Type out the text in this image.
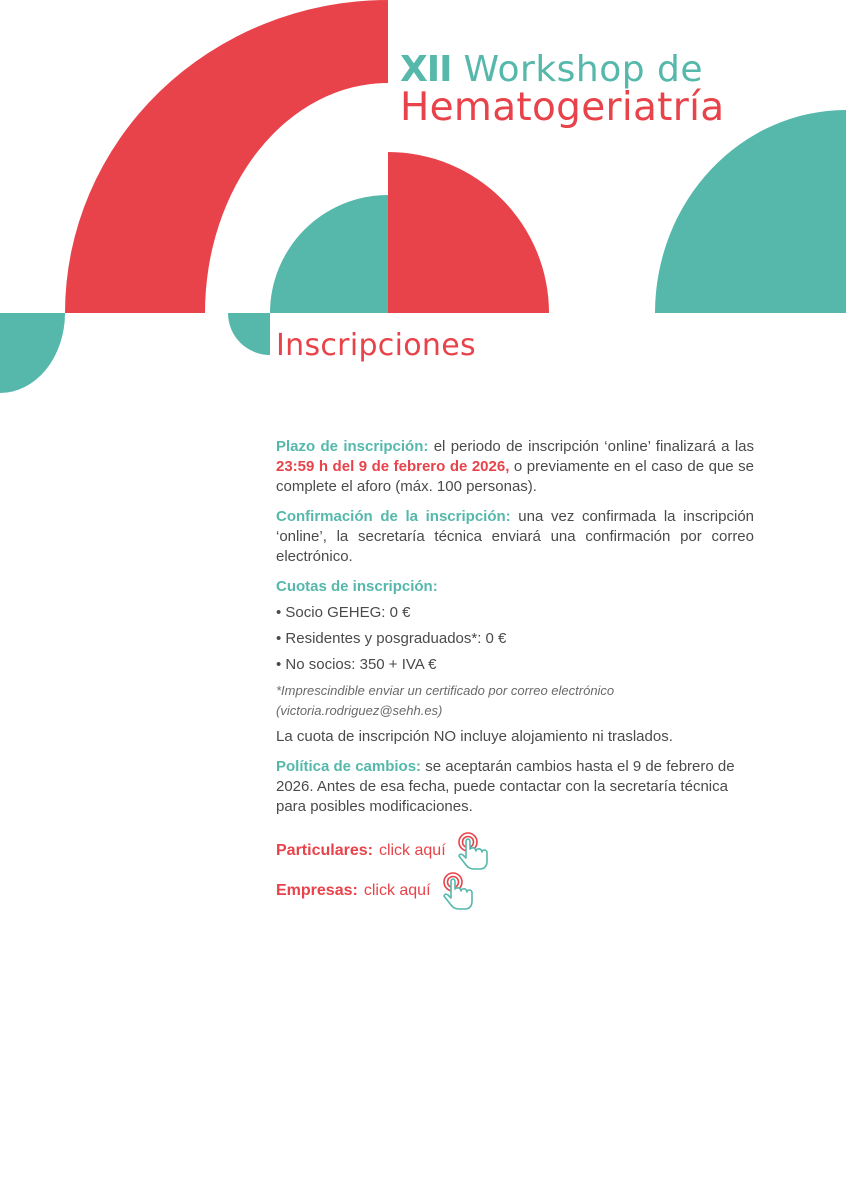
XII Workshop de
Hematogeriatría
Inscripciones

Plazo de inscripción: el periodo de inscripción ‘online’ finalizará a las 23:59 h del 9 de febrero de 2026, o previamente en el caso de que se complete el aforo (máx. 100 personas).

Confirmación de la inscripción: una vez confirmada la inscripción ‘online’, la secretaría técnica enviará una confirmación por correo electrónico.

Cuotas de inscripción:
• Socio GEHEG: 0 €
• Residentes y posgraduados*: 0 €
• No socios: 350 + IVA €
*Imprescindible enviar un certificado por correo electrónico
(victoria.rodriguez@sehh.es)

La cuota de inscripción NO incluye alojamiento ni traslados.

Política de cambios: se aceptarán cambios hasta el 9 de febrero de 2026. Antes de esa fecha, puede contactar con la secretaría técnica para posibles modificaciones.

Particulares: click aquí
Empresas: click aquí
